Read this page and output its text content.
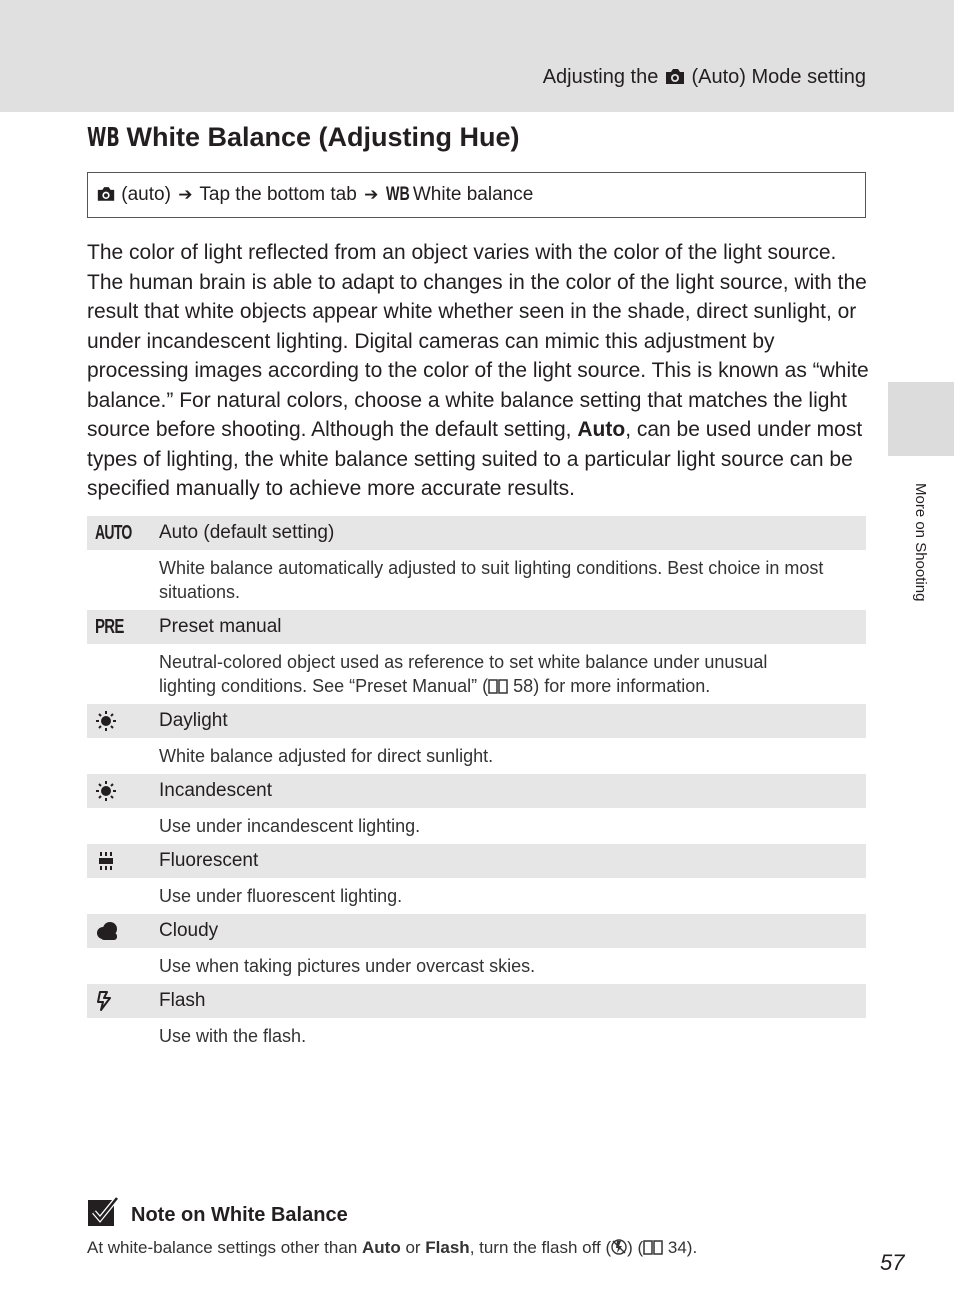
Adjusting the (Auto) Mode setting
More on Shooting
WB White Balance (Adjusting Hue)
(auto) ➔ Tap the bottom tab ➔ WB White balance

The color of light reflected from an object varies with the color of the light source. The human brain is able to adapt to changes in the color of the light source, with the result that white objects appear white whether seen in the shade, direct sunlight, or under incandescent lighting. Digital cameras can mimic this adjustment by processing images according to the color of the light source. This is known as “white balance.” For natural colors, choose a white balance setting that matches the light source before shooting. Although the default setting, Auto, can be used under most types of lighting, the white balance setting suited to a particular light source can be specified manually to achieve more accurate results.

AUTO Auto (default setting)
White balance automatically adjusted to suit lighting conditions. Best choice in most situations.
PRE Preset manual
Neutral-colored object used as reference to set white balance under unusual lighting conditions. See “Preset Manual” ( 58) for more information.
Daylight
White balance adjusted for direct sunlight.
Incandescent
Use under incandescent lighting.
Fluorescent
Use under fluorescent lighting.
Cloudy
Use when taking pictures under overcast skies.
Flash
Use with the flash.
Note on White Balance
At white-balance settings other than Auto or Flash, turn the flash off ( ) ( 34).
57
